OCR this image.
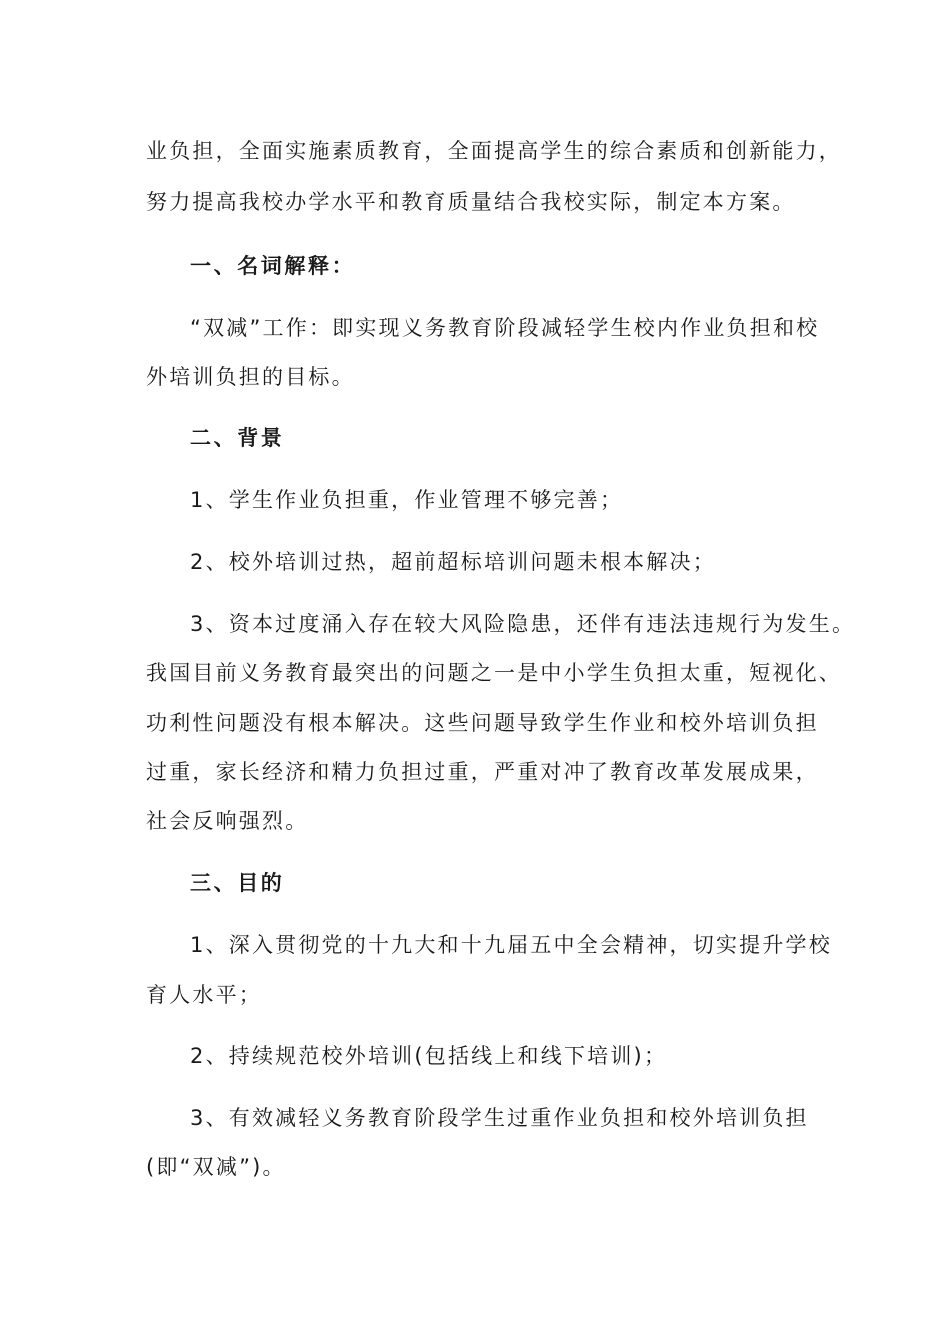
业负担，全面实施素质教育，全面提高学生的综合素质和创新能力，
努力提高我校办学水平和教育质量结合我校实际，制定本方案。
一、名词解释：
“双减”工作：即实现义务教育阶段减轻学生校内作业负担和校
外培训负担的目标。
二、背景
1、学生作业负担重，作业管理不够完善；
2、校外培训过热，超前超标培训问题未根本解决；
3、资本过度涌入存在较大风险隐患，还伴有违法违规行为发生。
我国目前义务教育最突出的问题之一是中小学生负担太重，短视化、
功利性问题没有根本解决。这些问题导致学生作业和校外培训负担
过重，家长经济和精力负担过重，严重对冲了教育改革发展成果，
社会反响强烈。
三、目的
1、深入贯彻党的十九大和十九届五中全会精神，切实提升学校
育人水平；
2、持续规范校外培训(包括线上和线下培训)；
3、有效减轻义务教育阶段学生过重作业负担和校外培训负担
(即“双减”)。
